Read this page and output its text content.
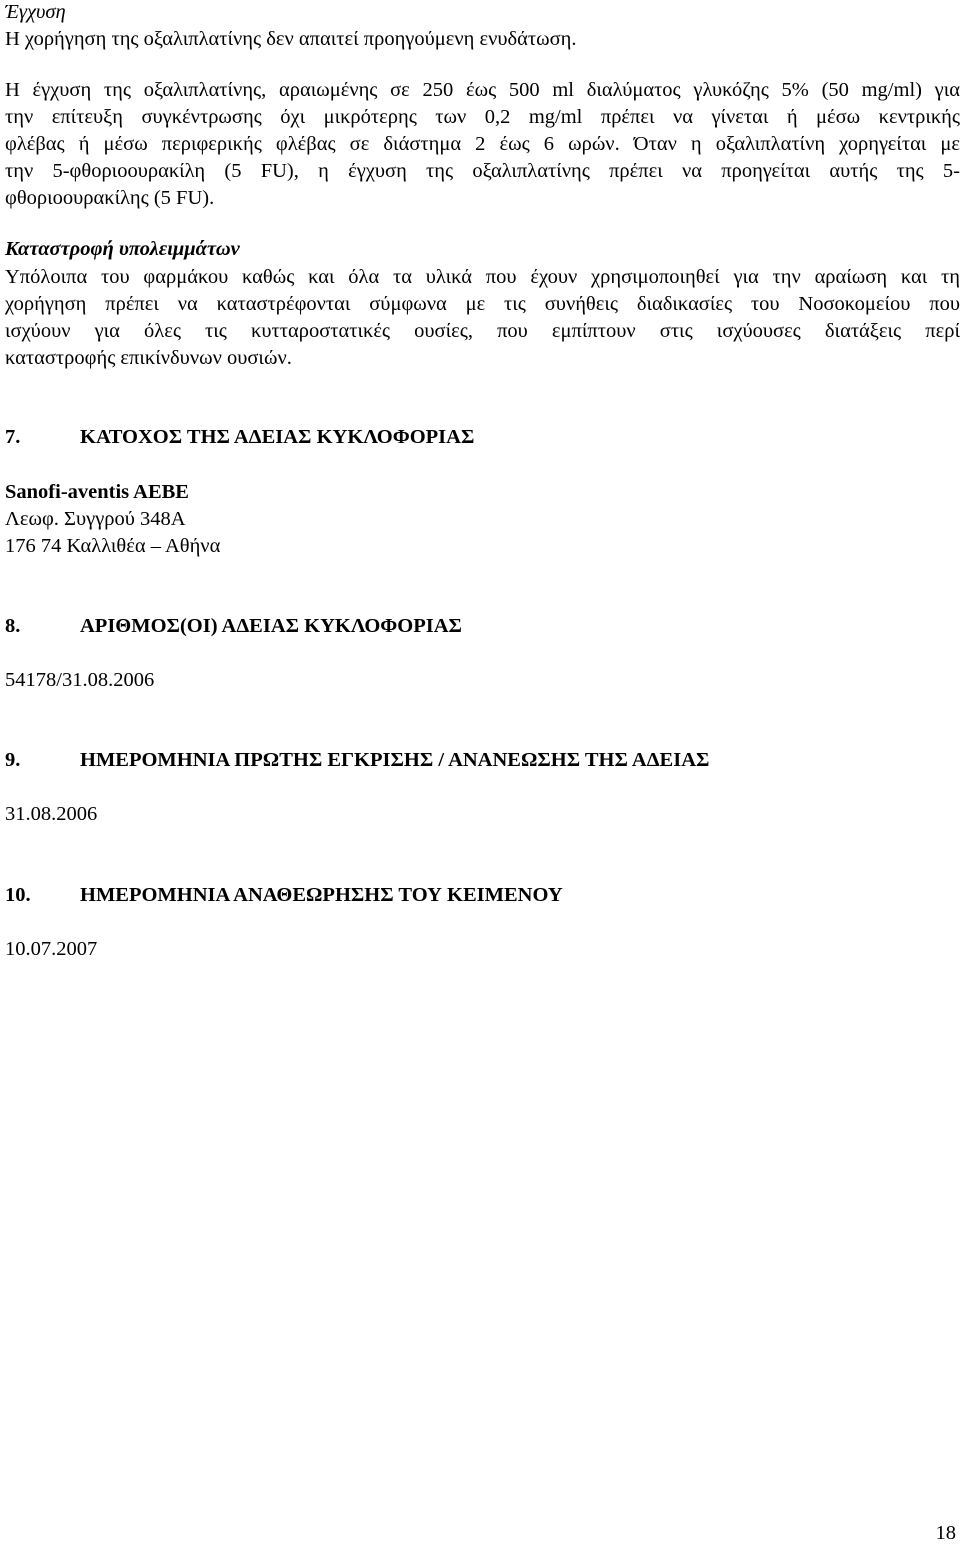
Έγχυση
Η χορήγηση της οξαλιπλατίνης δεν απαιτεί προηγούμενη ενυδάτωση.
Η έγχυση της οξαλιπλατίνης, αραιωμένης σε 250 έως 500 ml διαλύματος γλυκόζης 5% (50 mg/ml) για
την επίτευξη συγκέντρωσης όχι μικρότερης των 0,2 mg/ml πρέπει να γίνεται ή μέσω κεντρικής
φλέβας ή μέσω περιφερικής φλέβας σε διάστημα 2 έως 6 ωρών. Όταν η οξαλιπλατίνη χορηγείται με
την 5-φθοριοουρακίλη (5 FU), η έγχυση της οξαλιπλατίνης πρέπει να προηγείται αυτής της 5-
φθοριοουρακίλης (5 FU).
Καταστροφή υπολειμμάτων
Υπόλοιπα του φαρμάκου καθώς και όλα τα υλικά που έχουν χρησιμοποιηθεί για την αραίωση και τη
χορήγηση πρέπει να καταστρέφονται σύμφωνα με τις συνήθεις διαδικασίες του Νοσοκομείου που
ισχύουν για όλες τις κυτταροστατικές ουσίες, που εμπίπτουν στις ισχύουσες διατάξεις περί
καταστροφής επικίνδυνων ουσιών.
7.	ΚΑΤΟΧΟΣ ΤΗΣ ΑΔΕΙΑΣ ΚΥΚΛΟΦΟΡΙΑΣ
Sanofi-aventis AEBE
Λεωφ. Συγγρού 348Α
176 74 Καλλιθέα – Αθήνα
8.	ΑΡΙΘΜΟΣ(ΟΙ) ΑΔΕΙΑΣ ΚΥΚΛΟΦΟΡΙΑΣ
54178/31.08.2006
9.	ΗΜΕΡΟΜΗΝΙΑ ΠΡΩΤΗΣ ΕΓΚΡΙΣΗΣ / ΑΝΑΝΕΩΣΗΣ ΤΗΣ ΑΔΕΙΑΣ
31.08.2006
10. ΗΜΕΡΟΜΗΝΙΑ ΑΝΑΘΕΩΡΗΣΗΣ ΤΟΥ ΚΕΙΜΕΝΟΥ
10.07.2007
18
